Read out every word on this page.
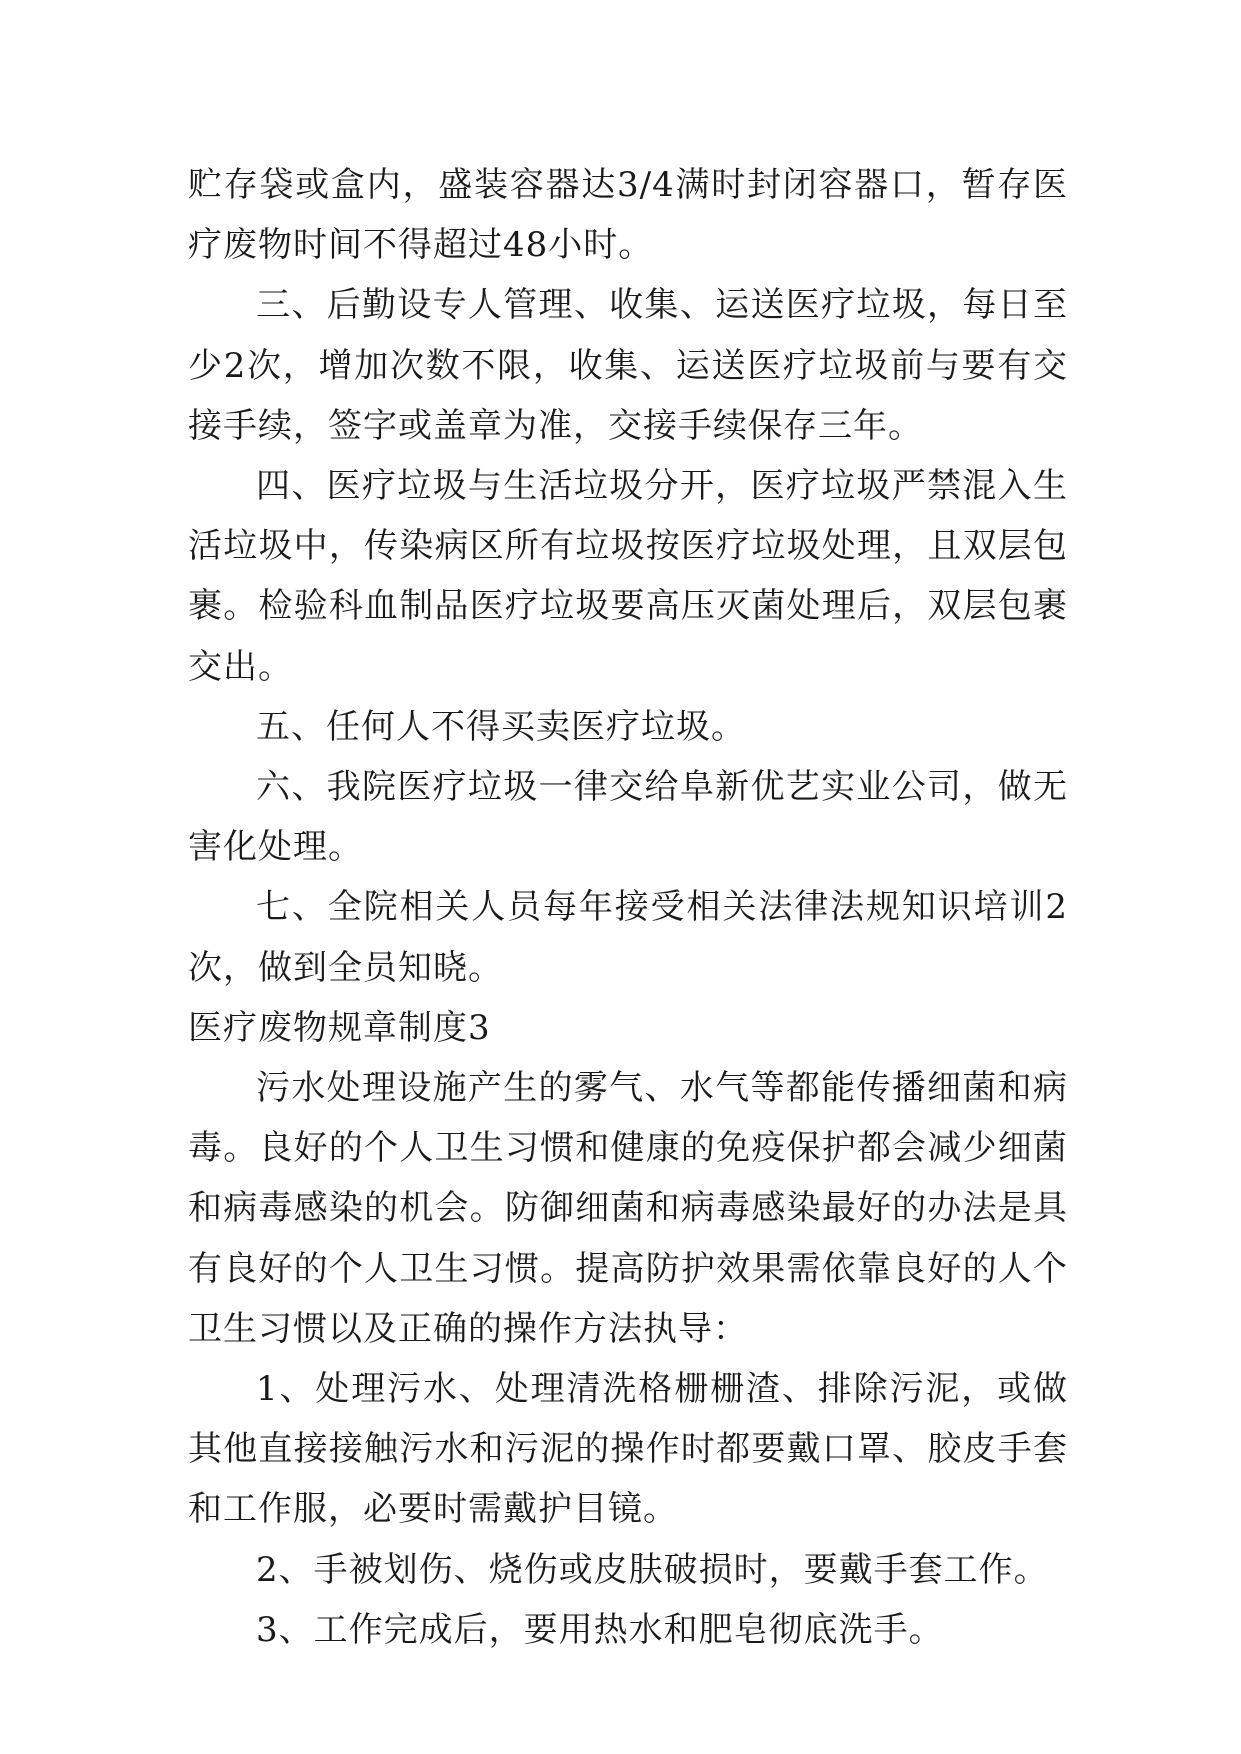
贮存袋或盒内，盛装容器达3/4满时封闭容器口，暂存医疗废物时间不得超过48小时。

三、后勤设专人管理、收集、运送医疗垃圾，每日至少2次，增加次数不限，收集、运送医疗垃圾前与要有交接手续，签字或盖章为准，交接手续保存三年。

四、医疗垃圾与生活垃圾分开，医疗垃圾严禁混入生活垃圾中，传染病区所有垃圾按医疗垃圾处理，且双层包裹。检验科血制品医疗垃圾要高压灭菌处理后，双层包裹交出。

五、任何人不得买卖医疗垃圾。

六、我院医疗垃圾一律交给阜新优艺实业公司，做无害化处理。

七、全院相关人员每年接受相关法律法规知识培训2次，做到全员知晓。

医疗废物规章制度3

污水处理设施产生的雾气、水气等都能传播细菌和病毒。良好的个人卫生习惯和健康的免疫保护都会减少细菌和病毒感染的机会。防御细菌和病毒感染最好的办法是具有良好的个人卫生习惯。提高防护效果需依靠良好的人个卫生习惯以及正确的操作方法执导：

1、处理污水、处理清洗格栅栅渣、排除污泥，或做其他直接接触污水和污泥的操作时都要戴口罩、胶皮手套和工作服，必要时需戴护目镜。

2、手被划伤、烧伤或皮肤破损时，要戴手套工作。

3、工作完成后，要用热水和肥皂彻底洗手。
